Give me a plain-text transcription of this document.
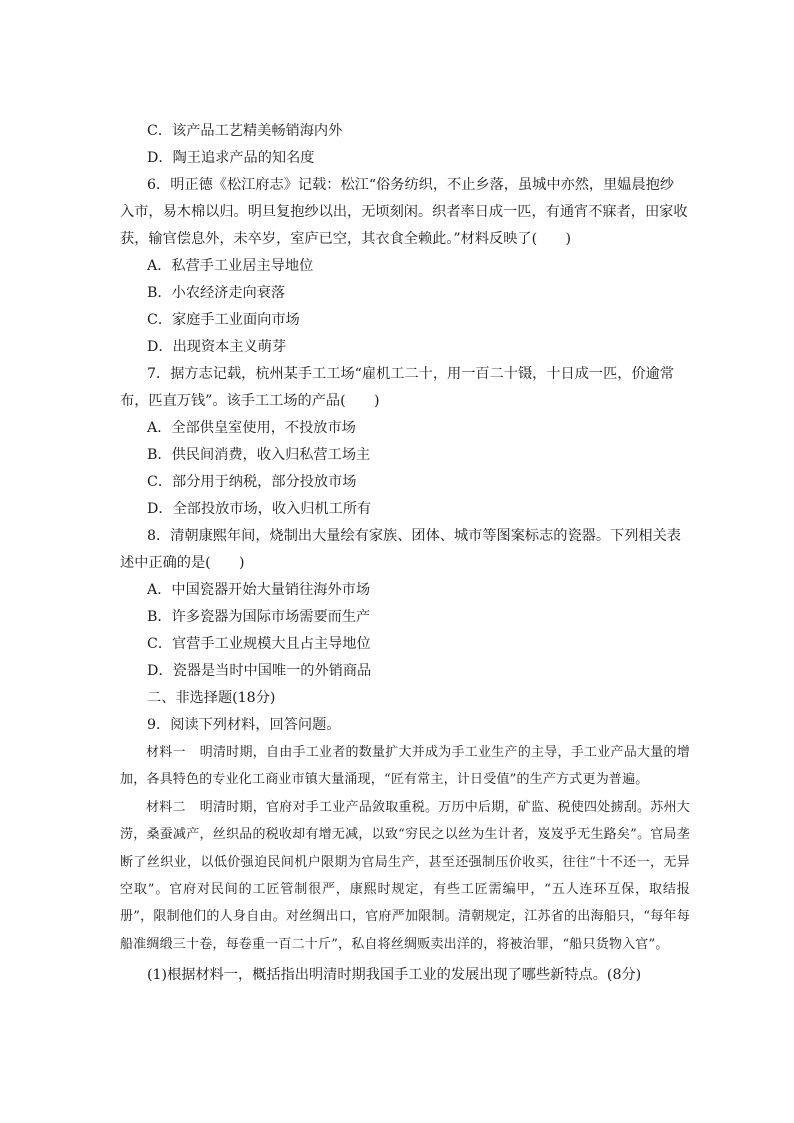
C．该产品工艺精美畅销海内外
D．陶王追求产品的知名度
6．明正德《松江府志》记载：松江“俗务纺织，不止乡落，虽城中亦然，里媪晨抱纱
入市，易木棉以归。明旦复抱纱以出，无顷刻闲。织者率日成一匹，有通宵不寐者，田家收
获，输官偿息外，未卒岁，室庐已空，其衣食全赖此。”材料反映了(　　)
A．私营手工业居主导地位
B．小农经济走向衰落
C．家庭手工业面向市场
D．出现资本主义萌芽
7．据方志记载，杭州某手工工场“雇机工二十，用一百二十镊，十日成一匹，价逾常
布，匹直万钱”。该手工工场的产品(　　)
A．全部供皇室使用，不投放市场
B．供民间消费，收入归私营工场主
C．部分用于纳税，部分投放市场
D．全部投放市场，收入归机工所有
8．清朝康熙年间，烧制出大量绘有家族、团体、城市等图案标志的瓷器。下列相关表
述中正确的是(　　)
A．中国瓷器开始大量销往海外市场
B．许多瓷器为国际市场需要而生产
C．官营手工业规模大且占主导地位
D．瓷器是当时中国唯一的外销商品
二、非选择题(18分)
9．阅读下列材料，回答问题。
材料一 明清时期，自由手工业者的数量扩大并成为手工业生产的主导，手工业产品大量的增加，各具特色的专业化工商业市镇大量涌现，“匠有常主，计日受值”的生产方式更为普遍。
材料二 明清时期，官府对手工业产品敛取重税。万历中后期，矿监、税使四处掳刮。苏州大涝，桑蚕减产，丝织品的税收却有增无减，以致“穷民之以丝为生计者，岌岌乎无生路矣”。官局垄断了丝织业，以低价强迫民间机户限期为官局生产，甚至还强制压价收买，往往“十不还一，无异空取”。官府对民间的工匠管制很严，康熙时规定，有些工匠需编甲，“五人连环互保，取结报册”，限制他们的人身自由。对丝绸出口，官府严加限制。清朝规定，江苏省的出海船只，“每年每船准绸缎三十卷，每卷重一百二十斤”，私自将丝绸贩卖出洋的，将被治罪，“船只货物入官”。
(1)根据材料一，概括指出明清时期我国手工业的发展出现了哪些新特点。(8分)
